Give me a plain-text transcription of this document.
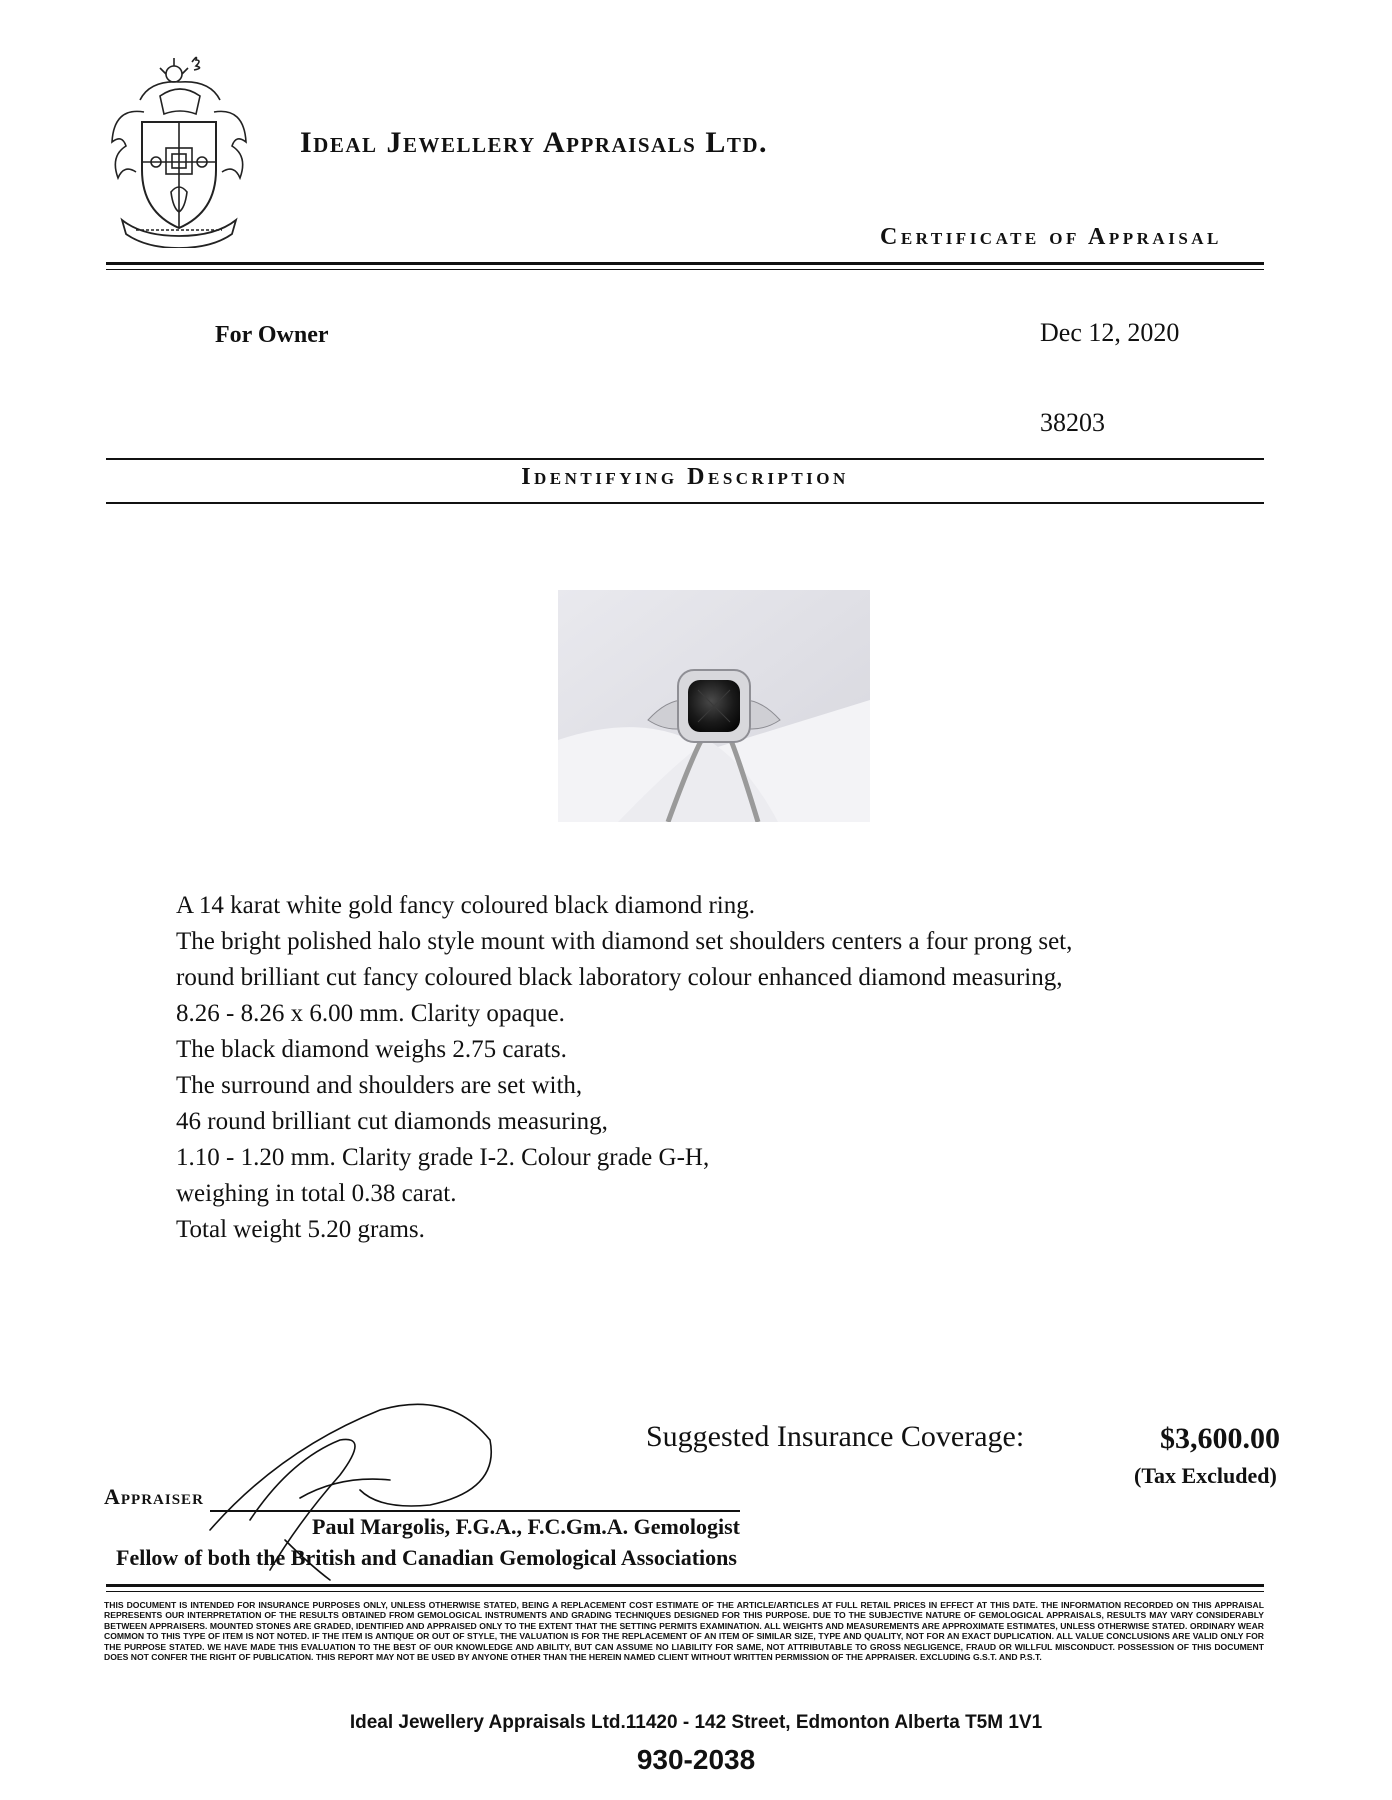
Ideal Jewellery Appraisals Ltd.
Certificate of Appraisal
For Owner	Dec 12, 2020
38203
Identifying Description
A 14 karat white gold fancy coloured black diamond ring.
The bright polished halo style mount with diamond set shoulders centers a four prong set,
round brilliant cut fancy coloured black laboratory colour enhanced diamond measuring,
8.26 - 8.26 x 6.00 mm. Clarity opaque.
The black diamond weighs 2.75 carats.
The surround and shoulders are set with,
46 round brilliant cut diamonds measuring,
1.10 - 1.20 mm. Clarity grade I-2. Colour grade G-H,
weighing in total 0.38 carat.
Total weight 5.20 grams.
Suggested Insurance Coverage:	$3,600.00
(Tax Excluded)
Appraiser
Paul Margolis, F.G.A., F.C.Gm.A. Gemologist
Fellow of both the British and Canadian Gemological Associations
THIS DOCUMENT IS INTENDED FOR INSURANCE PURPOSES ONLY, UNLESS OTHERWISE STATED, BEING A REPLACEMENT COST ESTIMATE OF THE ARTICLE/ARTICLES AT FULL RETAIL PRICES IN EFFECT AT THIS DATE. THE INFORMATION RECORDED ON THIS APPRAISAL REPRESENTS OUR INTERPRETATION OF THE RESULTS OBTAINED FROM GEMOLOGICAL INSTRUMENTS AND GRADING TECHNIQUES DESIGNED FOR THIS PURPOSE. DUE TO THE SUBJECTIVE NATURE OF GEMOLOGICAL APPRAISALS, RESULTS MAY VARY CONSIDERABLY BETWEEN APPRAISERS. MOUNTED STONES ARE GRADED, IDENTIFIED AND APPRAISED ONLY TO THE EXTENT THAT THE SETTING PERMITS EXAMINATION. ALL WEIGHTS AND MEASUREMENTS ARE APPROXIMATE ESTIMATES, UNLESS OTHERWISE STATED. ORDINARY WEAR COMMON TO THIS TYPE OF ITEM IS NOT NOTED. IF THE ITEM IS ANTIQUE OR OUT OF STYLE, THE VALUATION IS FOR THE REPLACEMENT OF AN ITEM OF SIMILAR SIZE, TYPE AND QUALITY, NOT FOR AN EXACT DUPLICATION. ALL VALUE CONCLUSIONS ARE VALID ONLY FOR THE PURPOSE STATED. WE HAVE MADE THIS EVALUATION TO THE BEST OF OUR KNOWLEDGE AND ABILITY, BUT CAN ASSUME NO LIABILITY FOR SAME, NOT ATTRIBUTABLE TO GROSS NEGLIGENCE, FRAUD OR WILLFUL MISCONDUCT. POSSESSION OF THIS DOCUMENT DOES NOT CONFER THE RIGHT OF PUBLICATION. THIS REPORT MAY NOT BE USED BY ANYONE OTHER THAN THE HEREIN NAMED CLIENT WITHOUT WRITTEN PERMISSION OF THE APPRAISER. EXCLUDING G.S.T. AND P.S.T.
Ideal Jewellery Appraisals Ltd.11420 - 142 Street, Edmonton Alberta T5M 1V1
930-2038
